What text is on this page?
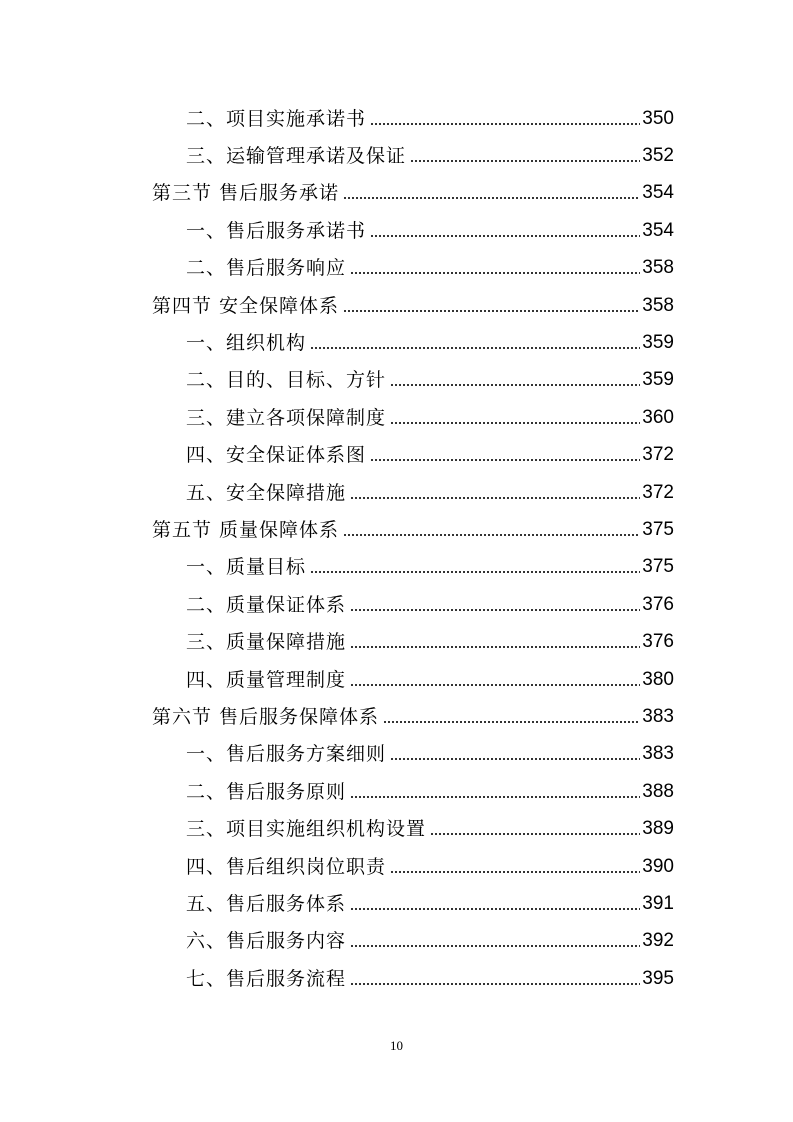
二、项目实施承诺书	350
三、运输管理承诺及保证	352
第三节 售后服务承诺	354
一、售后服务承诺书	354
二、售后服务响应	358
第四节 安全保障体系	358
一、组织机构	359
二、目的、目标、方针	359
三、建立各项保障制度	360
四、安全保证体系图	372
五、安全保障措施	372
第五节 质量保障体系	375
一、质量目标	375
二、质量保证体系	376
三、质量保障措施	376
四、质量管理制度	380
第六节 售后服务保障体系	383
一、售后服务方案细则	383
二、售后服务原则	388
三、项目实施组织机构设置	389
四、售后组织岗位职责	390
五、售后服务体系	391
六、售后服务内容	392
七、售后服务流程	395
10
